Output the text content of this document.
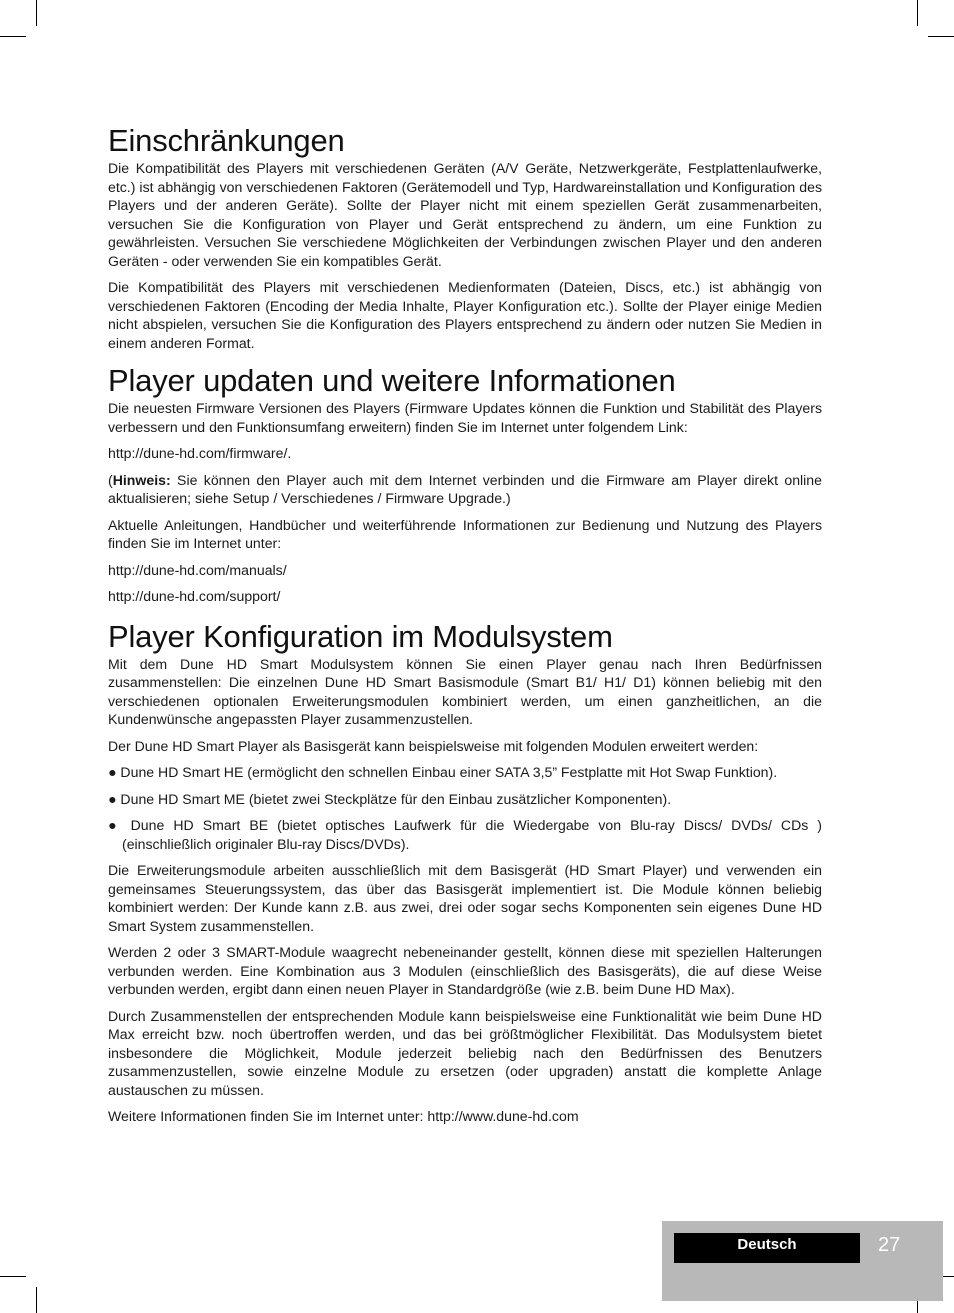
Einschränkungen

Die Kompatibilität des Players mit verschiedenen Geräten (A/V Geräte, Netzwerkgeräte, Festplattenlaufwerke, etc.) ist abhängig von verschiedenen Faktoren (Gerätemodell und Typ, Hardwareinstallation und Konfiguration des Players und der anderen Geräte). Sollte der Player nicht mit einem speziellen Gerät zusammenarbeiten, versuchen Sie die Konfiguration von Player und Gerät entsprechend zu ändern, um eine Funktion zu gewährleisten. Versuchen Sie verschiedene Möglichkeiten der Verbindungen zwischen Player und den anderen Geräten - oder verwenden Sie ein kompatibles Gerät.

Die Kompatibilität des Players mit verschiedenen Medienformaten (Dateien, Discs, etc.) ist abhängig von verschiedenen Faktoren (Encoding der Media Inhalte, Player Konfiguration etc.). Sollte der Player einige Medien nicht abspielen, versuchen Sie die Konfiguration des Players entsprechend zu ändern oder nutzen Sie Medien in einem anderen Format.

Player updaten und weitere Informationen

Die neuesten Firmware Versionen des Players (Firmware Updates können die Funktion und Stabilität des Players verbessern und den Funktionsumfang erweitern) finden Sie im Internet unter folgendem Link:

http://dune-hd.com/firmware/.

(Hinweis: Sie können den Player auch mit dem Internet verbinden und die Firmware am Player direkt online aktualisieren; siehe Setup / Verschiedenes / Firmware Upgrade.)

Aktuelle Anleitungen, Handbücher und weiterführende Informationen zur Bedienung und Nutzung des Players finden Sie im Internet unter:

http://dune-hd.com/manuals/

http://dune-hd.com/support/

Player Konfiguration im Modulsystem

Mit dem Dune HD Smart Modulsystem können Sie einen Player genau nach Ihren Bedürfnissen zusammenstellen: Die einzelnen Dune HD Smart Basismodule (Smart B1/ H1/ D1) können beliebig mit den verschiedenen optionalen Erweiterungsmodulen kombiniert werden, um einen ganzheitlichen, an die Kundenwünsche angepassten Player zusammenzustellen.

Der Dune HD Smart Player als Basisgerät kann beispielsweise mit folgenden Modulen erweitert werden:

● Dune HD Smart HE (ermöglicht den schnellen Einbau einer SATA 3,5” Festplatte mit Hot Swap Funktion).

● Dune HD Smart ME (bietet zwei Steckplätze für den Einbau zusätzlicher Komponenten).

● Dune HD Smart BE (bietet optisches Laufwerk für die Wiedergabe von Blu-ray Discs/ DVDs/ CDs ) (einschließlich originaler Blu-ray Discs/DVDs).

Die Erweiterungsmodule arbeiten ausschließlich mit dem Basisgerät (HD Smart Player) und verwenden ein gemeinsames Steuerungssystem, das über das Basisgerät implementiert ist. Die Module können beliebig kombiniert werden: Der Kunde kann z.B. aus zwei, drei oder sogar sechs Komponenten sein eigenes Dune HD Smart System zusammenstellen.

Werden 2 oder 3 SMART-Module waagrecht nebeneinander gestellt, können diese mit speziellen Halterungen verbunden werden. Eine Kombination aus 3 Modulen (einschließlich des Basisgeräts), die auf diese Weise verbunden werden, ergibt dann einen neuen Player in Standardgröße (wie z.B. beim Dune HD Max).

Durch Zusammenstellen der entsprechenden Module kann beispielsweise eine Funktionalität wie beim Dune HD Max erreicht bzw. noch übertroffen werden, und das bei größtmöglicher Flexibilität. Das Modulsystem bietet insbesondere die Möglichkeit, Module jederzeit beliebig nach den Bedürfnissen des Benutzers zusammenzustellen, sowie einzelne Module zu ersetzen (oder upgraden) anstatt die komplette Anlage austauschen zu müssen.

Weitere Informationen finden Sie im Internet unter: http://www.dune-hd.com

Deutsch	27
